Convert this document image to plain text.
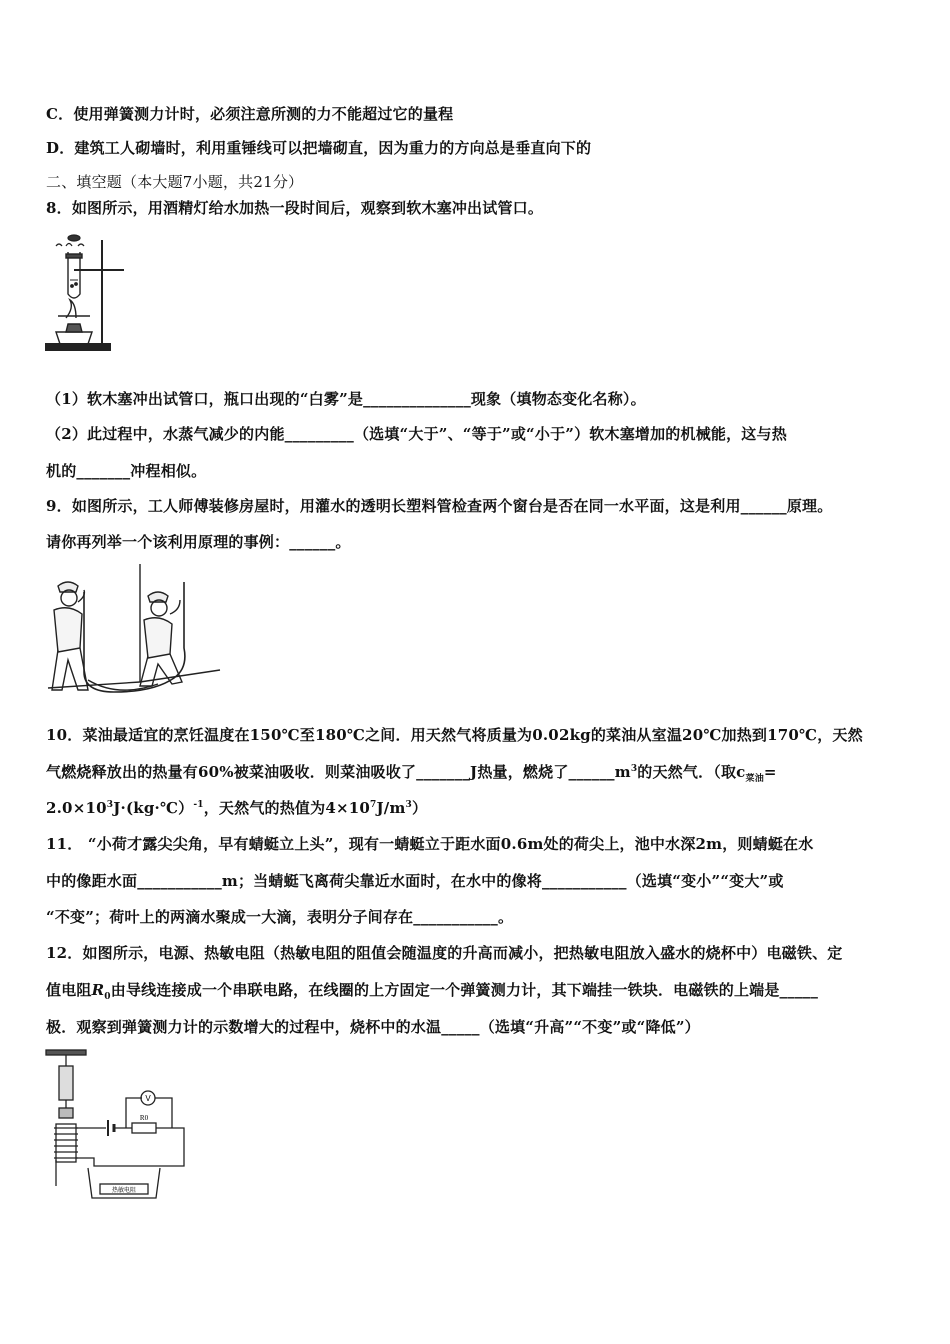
C．使用弹簧测力计时，必须注意所测的力不能超过它的量程
D．建筑工人砌墙时，利用重锤线可以把墙砌直，因为重力的方向总是垂直向下的
二、填空题（本大题7小题，共21分）
8．如图所示，用酒精灯给水加热一段时间后，观察到软木塞冲出试管口。
（1）软木塞冲出试管口，瓶口出现的“白雾”是______________现象（填物态变化名称）。
（2）此过程中，水蒸气减少的内能_________（选填“大于”、“等于”或“小于”）软木塞增加的机械能，这与热
机的_______冲程相似。
9．如图所示，工人师傅装修房屋时，用灌水的透明长塑料管检查两个窗台是否在同一水平面，这是利用______原理。
请你再列举一个该利用原理的事例：______。
10．菜油最适宜的烹饪温度在150℃至180℃之间．用天然气将质量为0.02kg的菜油从室温20℃加热到170℃，天然
气燃烧释放出的热量有60%被菜油吸收．则菜油吸收了_______J热量，燃烧了$\_\_\_\_\_\_m^3$的天然气．（取$c_{菜油}=$
$2.0\times 10^3J\cdot(kg\cdot℃)^{-1}$，天然气的热值为$4\times 10^7J/m^3$）
11． “小荷才露尖尖角，早有蜻蜓立上头”，现有一蜻蜓立于距水面0.6m处的荷尖上，池中水深2m，则蜻蜓在水
中的像距水面___________m；当蜻蜓飞离荷尖靠近水面时，在水中的像将___________（选填“变小”“变大”或
“不变”；荷叶上的两滴水聚成一大滴，表明分子间存在___________。
12．如图所示，电源、热敏电阻（热敏电阻的阻值会随温度的升高而减小，把热敏电阻放入盛水的烧杯中）电磁铁、定
值电阻$R_0$由导线连接成一个串联电路，在线圈的上方固定一个弹簧测力计，其下端挂一铁块．电磁铁的上端是_____
极．观察到弹簧测力计的示数增大的过程中，烧杯中的水温_____（选填“升高”“不变”或“降低”）
V
R0
热敏电阻
